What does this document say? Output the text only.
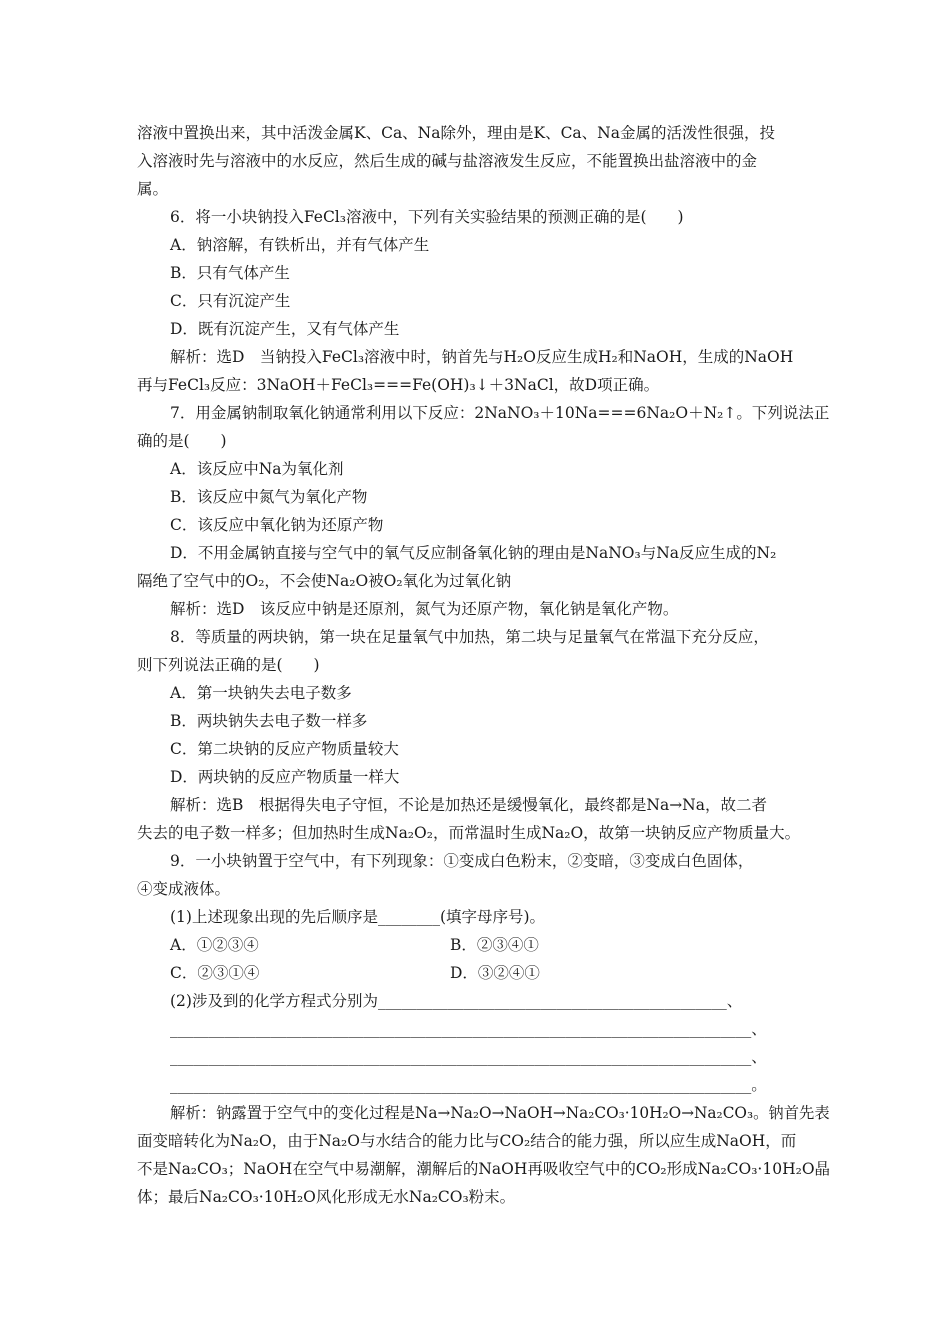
溶液中置换出来，其中活泼金属K、Ca、Na除外，理由是K、Ca、Na金属的活泼性很强，投
入溶液时先与溶液中的水反应，然后生成的碱与盐溶液发生反应，不能置换出盐溶液中的金
属。
6．将一小块钠投入FeCl₃溶液中，下列有关实验结果的预测正确的是(　　)
A．钠溶解，有铁析出，并有气体产生
B．只有气体产生
C．只有沉淀产生
D．既有沉淀产生，又有气体产生
解析：选D　当钠投入FeCl₃溶液中时，钠首先与H₂O反应生成H₂和NaOH，生成的NaOH
再与FeCl₃反应：3NaOH＋FeCl₃===Fe(OH)₃↓＋3NaCl，故D项正确。
7．用金属钠制取氧化钠通常利用以下反应：2NaNO₃＋10Na===6Na₂O＋N₂↑。下列说法正
确的是(　　)
A．该反应中Na为氧化剂
B．该反应中氮气为氧化产物
C．该反应中氧化钠为还原产物
D．不用金属钠直接与空气中的氧气反应制备氧化钠的理由是NaNO₃与Na反应生成的N₂
隔绝了空气中的O₂，不会使Na₂O被O₂氧化为过氧化钠
解析：选D　该反应中钠是还原剂，氮气为还原产物，氧化钠是氧化产物。
8．等质量的两块钠，第一块在足量氧气中加热，第二块与足量氧气在常温下充分反应，
则下列说法正确的是(　　)
A．第一块钠失去电子数多
B．两块钠失去电子数一样多
C．第二块钠的反应产物质量较大
D．两块钠的反应产物质量一样大
解析：选B　根据得失电子守恒，不论是加热还是缓慢氧化，最终都是Na→Na，故二者
失去的电子数一样多；但加热时生成Na₂O₂，而常温时生成Na₂O，故第一块钠反应产物质量大。
9．一小块钠置于空气中，有下列现象：①变成白色粉末，②变暗，③变成白色固体，
④变成液体。
(1)上述现象出现的先后顺序是________(填字母序号)。
A．①②③④	B．②③④①
C．②③①④	D．③②④①
(2)涉及到的化学方程式分别为_____________________________________________、
___________________________________________________________________________、
___________________________________________________________________________、
___________________________________________________________________________。
解析：钠露置于空气中的变化过程是Na→Na₂O→NaOH→Na₂CO₃·10H₂O→Na₂CO₃。钠首先表
面变暗转化为Na₂O，由于Na₂O与水结合的能力比与CO₂结合的能力强，所以应生成NaOH，而
不是Na₂CO₃；NaOH在空气中易潮解，潮解后的NaOH再吸收空气中的CO₂形成Na₂CO₃·10H₂O晶
体；最后Na₂CO₃·10H₂O风化形成无水Na₂CO₃粉末。
